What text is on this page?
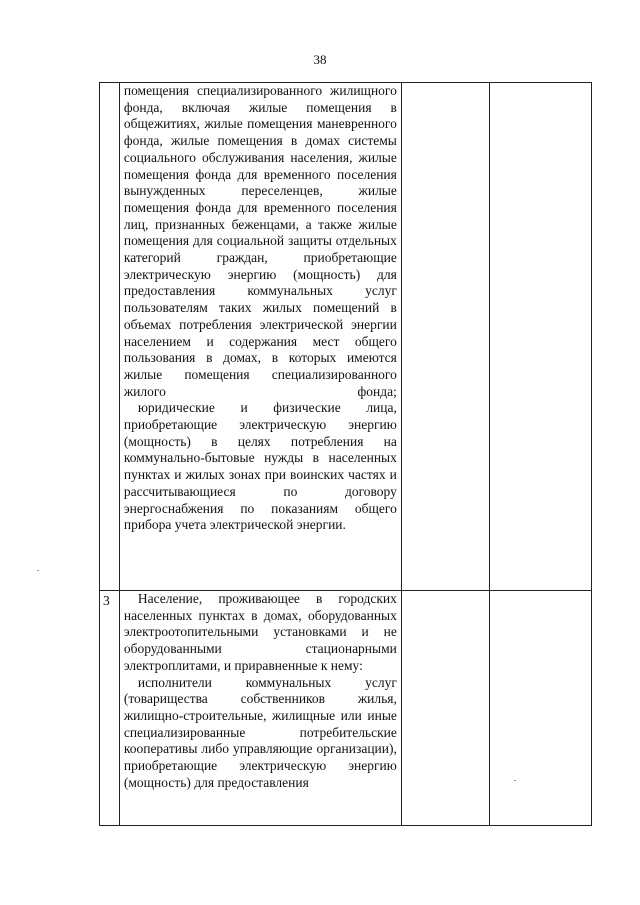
38

	помещения специализированного жилищного фонда, включая жилые помещения в общежитиях, жилые помещения маневренного фонда, жилые помещения в домах системы социального обслуживания населения, жилые помещения фонда для временного поселения вынужденных переселенцев, жилые помещения фонда для временного поселения лиц, признанных беженцами, а также жилые помещения для социальной защиты отдельных категорий граждан, приобретающие электрическую энергию (мощность) для предоставления коммунальных услуг пользователям таких жилых помещений в объемах потребления электрической энергии населением и содержания мест общего пользования в домах, в которых имеются жилые помещения специализированного жилого фонда;

юридические и физические лица, приобретающие электрическую энергию (мощность) в целях потребления на коммунально-бытовые нужды в населенных пунктах и жилых зонах при воинских частях и рассчитывающиеся по договору энергоснабжения по показаниям общего прибора учета электрической энергии.		

3	Население, проживающее в городских населенных пунктах в домах, оборудованных электроотопительными установками и не оборудованными стационарными электроплитами, и приравненные к нему:

исполнители коммунальных услуг (товарищества собственников жилья, жилищно-строительные, жилищные или иные специализированные потребительские кооперативы либо управляющие организации), приобретающие электрическую энергию (мощность) для предоставления		
